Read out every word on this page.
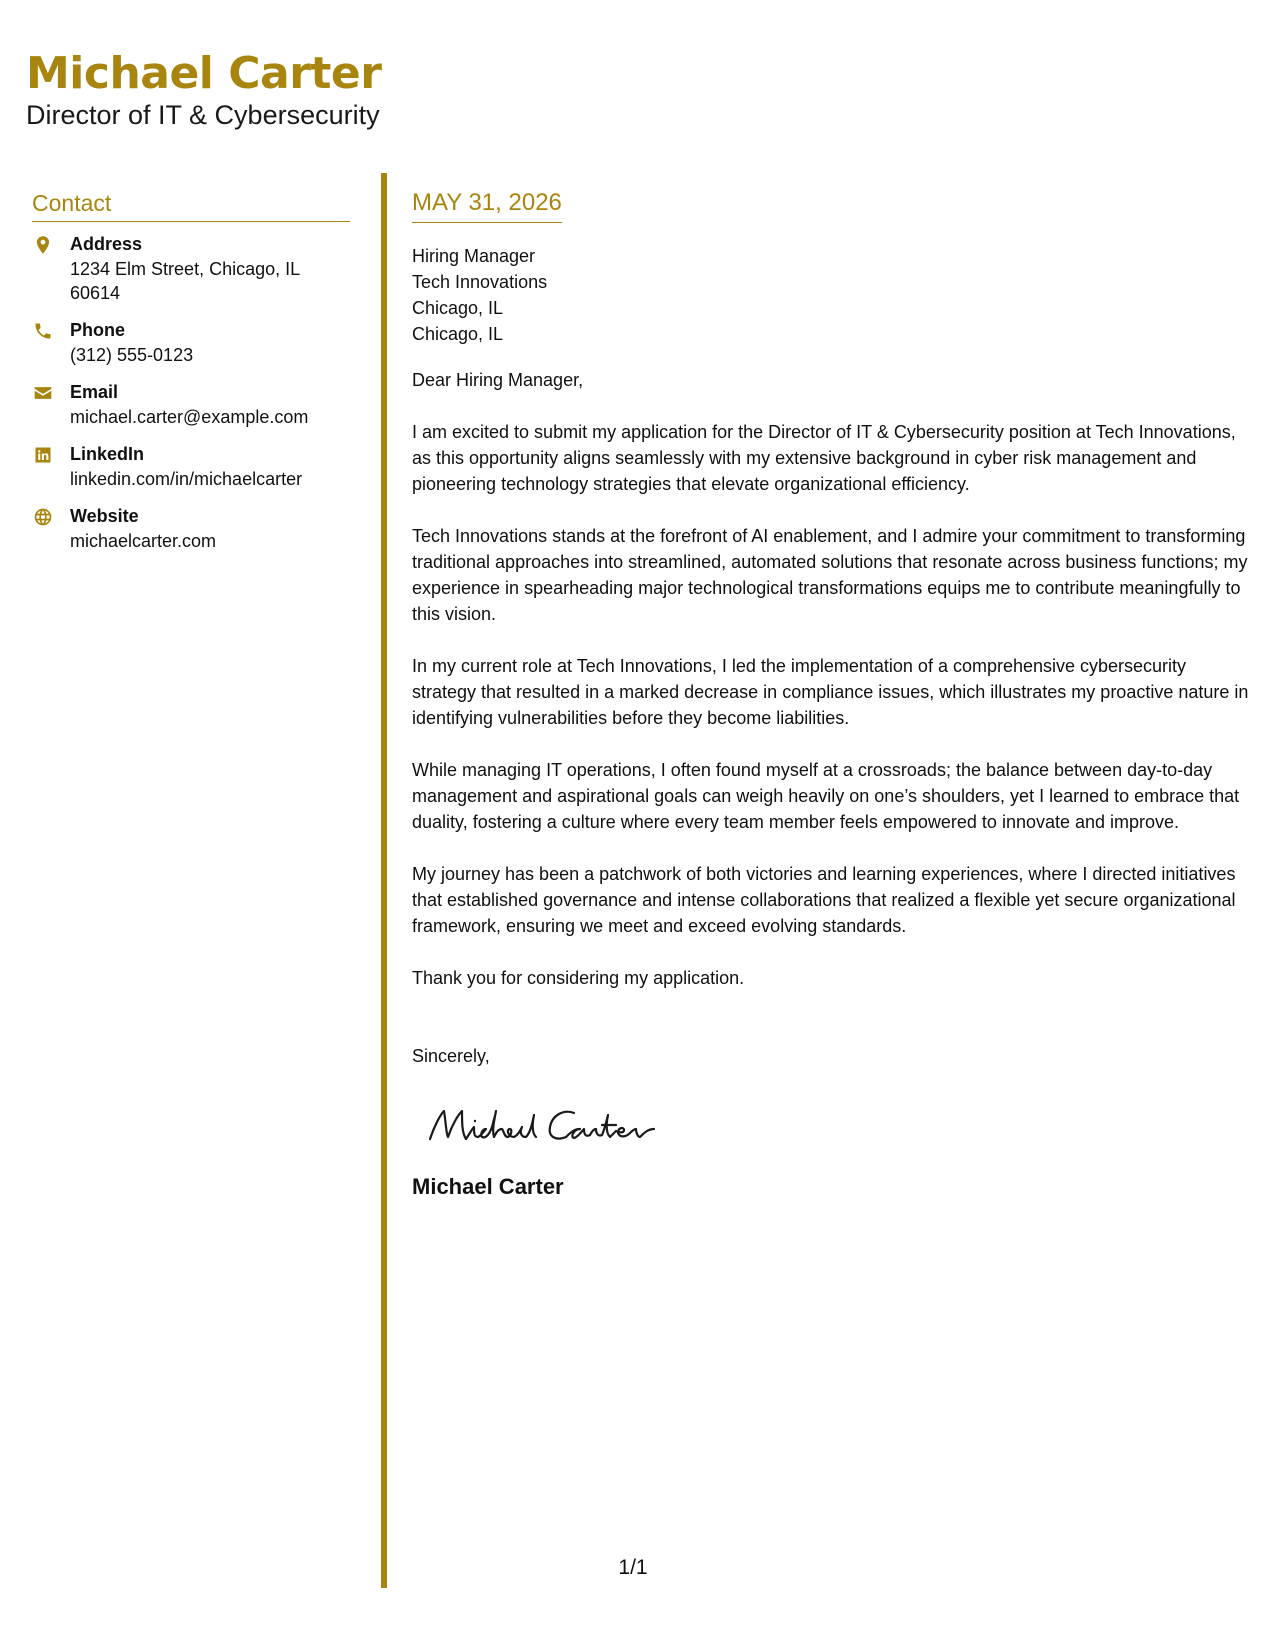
Michael Carter
Director of IT & Cybersecurity
Contact
Address
1234 Elm Street, Chicago, IL 60614
Phone
(312) 555-0123
Email
michael.carter@example.com
LinkedIn
linkedin.com/in/michaelcarter
Website
michaelcarter.com
MAY 31, 2026
Hiring Manager
Tech Innovations
Chicago, IL
Chicago, IL
Dear Hiring Manager,
I am excited to submit my application for the Director of IT & Cybersecurity position at Tech Innovations, as this opportunity aligns seamlessly with my extensive background in cyber risk management and pioneering technology strategies that elevate organizational efficiency.
Tech Innovations stands at the forefront of AI enablement, and I admire your commitment to transforming traditional approaches into streamlined, automated solutions that resonate across business functions; my experience in spearheading major technological transformations equips me to contribute meaningfully to this vision.
In my current role at Tech Innovations, I led the implementation of a comprehensive cybersecurity strategy that resulted in a marked decrease in compliance issues, which illustrates my proactive nature in identifying vulnerabilities before they become liabilities.
While managing IT operations, I often found myself at a crossroads; the balance between day-to-day management and aspirational goals can weigh heavily on one’s shoulders, yet I learned to embrace that duality, fostering a culture where every team member feels empowered to innovate and improve.
My journey has been a patchwork of both victories and learning experiences, where I directed initiatives that established governance and intense collaborations that realized a flexible yet secure organizational framework, ensuring we meet and exceed evolving standards.
Thank you for considering my application.
Sincerely,
Michael Carter
1/1
